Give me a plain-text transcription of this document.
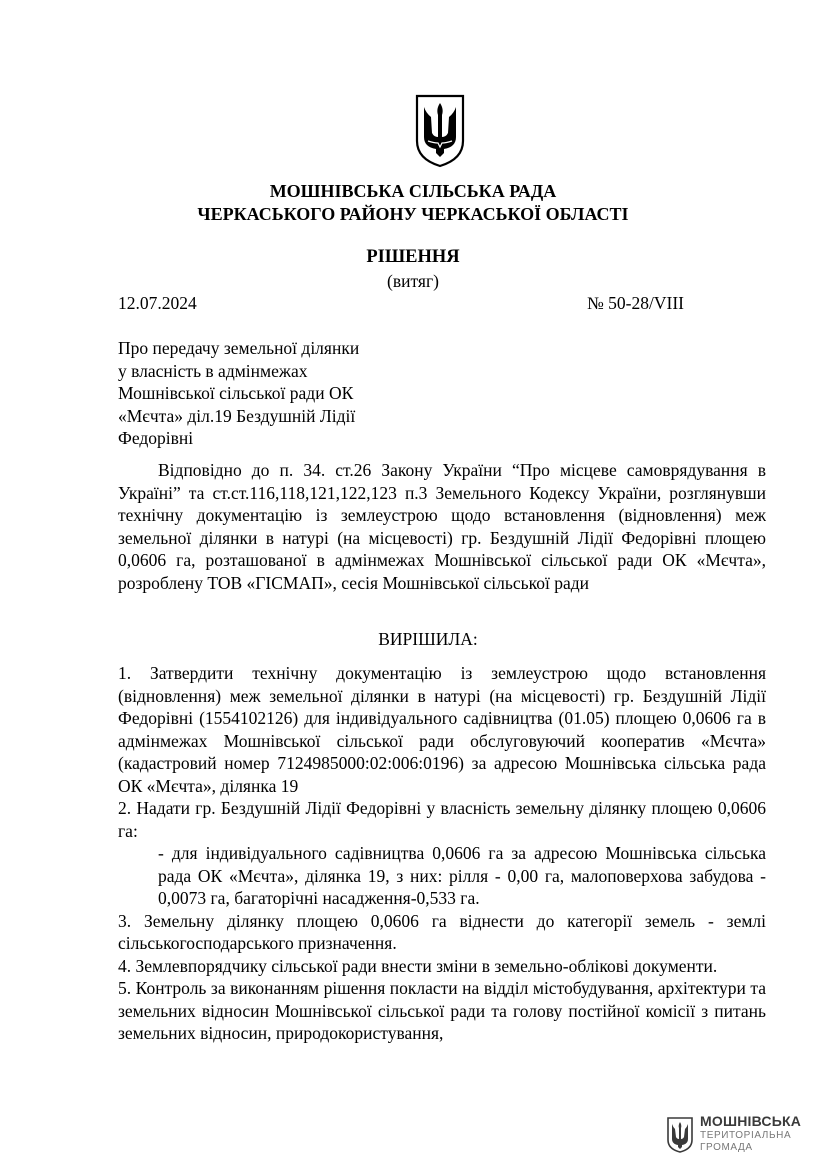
МОШНІВСЬКА СІЛЬСЬКА РАДА
ЧЕРКАСЬКОГО РАЙОНУ ЧЕРКАСЬКОЇ ОБЛАСТІ
РІШЕННЯ
(витяг)
12.07.2024	№ 50-28/VIII
Про передачу земельної ділянки
у власність в адмінмежах
Мошнівської сільської ради ОК
«Мєчта» діл.19 Бездушній Лідії
Федорівні
Відповідно до п. 34. ст.26 Закону України “Про місцеве самоврядування в Україні” та ст.ст.116,118,121,122,123 п.3 Земельного Кодексу України, розглянувши технічну документацію із землеустрою щодо встановлення (відновлення) меж земельної ділянки в натурі (на місцевості) гр. Бездушній Лідії Федорівні площею 0,0606 га, розташованої в адмінмежах Мошнівської сільської ради ОК «Мєчта», розроблену ТОВ «ГІСМАП», сесія Мошнівської сільської ради
ВИРІШИЛА:

1. Затвердити технічну документацію із землеустрою щодо встановлення (відновлення) меж земельної ділянки в натурі (на місцевості) гр. Бездушній Лідії Федорівні (1554102126) для індивідуального садівництва (01.05) площею 0,0606 га в адмінмежах Мошнівської сільської ради обслуговуючий кооператив «Мєчта» (кадастровий номер 7124985000:02:006:0196) за адресою Мошнівська сільська рада ОК «Мєчта», ділянка 19

2. Надати гр. Бездушній Лідії Федорівні у власність земельну ділянку площею 0,0606 га:

- для індивідуального садівництва 0,0606 га за адресою Мошнівська сільська рада ОК «Мєчта», ділянка 19, з них: рілля - 0,00 га, малоповерхова забудова - 0,0073 га, багаторічні насадження-0,533 га.

3. Земельну ділянку площею 0,0606 га віднести до категорії земель - землі сільськогосподарського призначення.

4. Землевпорядчику сільської ради внести зміни в земельно-облікові документи.

5. Контроль за виконанням рішення покласти на відділ містобудування, архітектури та земельних відносин Мошнівської сільської ради та голову постійної комісії з питань земельних відносин, природокористування,

МОШНІВСЬКА
ТЕРИТОРІАЛЬНА
ГРОМАДА
